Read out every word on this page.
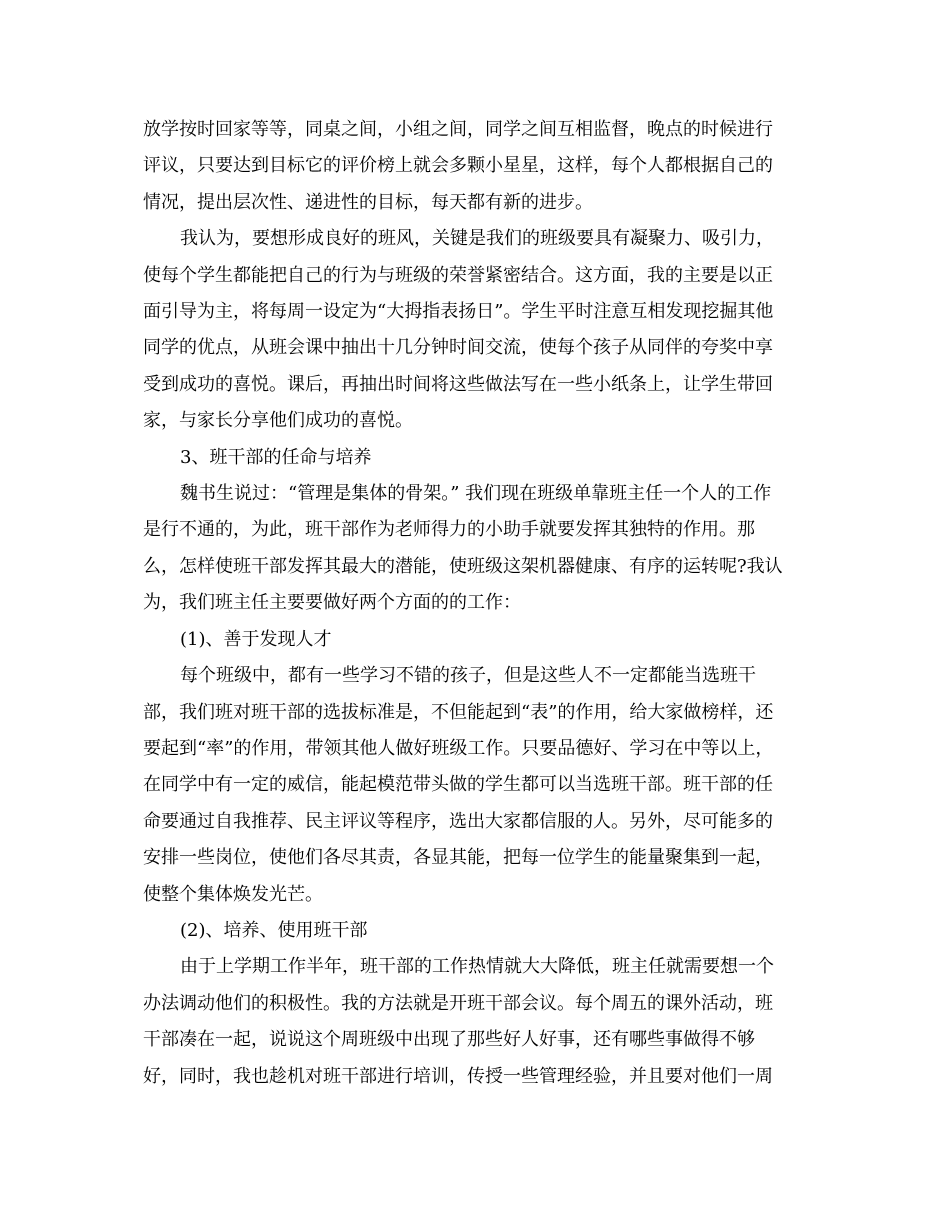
放学按时回家等等，同桌之间，小组之间，同学之间互相监督，晚点的时候进行
评议，只要达到目标它的评价榜上就会多颗小星星，这样，每个人都根据自己的
情况，提出层次性、递进性的目标，每天都有新的进步。

我认为，要想形成良好的班风，关键是我们的班级要具有凝聚力、吸引力，
使每个学生都能把自己的行为与班级的荣誉紧密结合。这方面，我的主要是以正
面引导为主，将每周一设定为“大拇指表扬日”。学生平时注意互相发现挖掘其他
同学的优点，从班会课中抽出十几分钟时间交流，使每个孩子从同伴的夸奖中享
受到成功的喜悦。课后，再抽出时间将这些做法写在一些小纸条上，让学生带回
家，与家长分享他们成功的喜悦。

3、班干部的任命与培养

魏书生说过：“管理是集体的骨架。” 我们现在班级单靠班主任一个人的工作
是行不通的，为此，班干部作为老师得力的小助手就要发挥其独特的作用。那
么，怎样使班干部发挥其最大的潜能，使班级这架机器健康、有序的运转呢?我认
为，我们班主任主要要做好两个方面的的工作：

(1)、善于发现人才

每个班级中，都有一些学习不错的孩子，但是这些人不一定都能当选班干
部，我们班对班干部的选拔标准是，不但能起到“表”的作用，给大家做榜样，还
要起到“率”的作用，带领其他人做好班级工作。只要品德好、学习在中等以上，
在同学中有一定的威信，能起模范带头做的学生都可以当选班干部。班干部的任
命要通过自我推荐、民主评议等程序，选出大家都信服的人。另外，尽可能多的
安排一些岗位，使他们各尽其责，各显其能，把每一位学生的能量聚集到一起，
使整个集体焕发光芒。

(2)、培养、使用班干部

由于上学期工作半年，班干部的工作热情就大大降低，班主任就需要想一个
办法调动他们的积极性。我的方法就是开班干部会议。每个周五的课外活动，班
干部凑在一起，说说这个周班级中出现了那些好人好事，还有哪些事做得不够
好，同时，我也趁机对班干部进行培训，传授一些管理经验，并且要对他们一周
